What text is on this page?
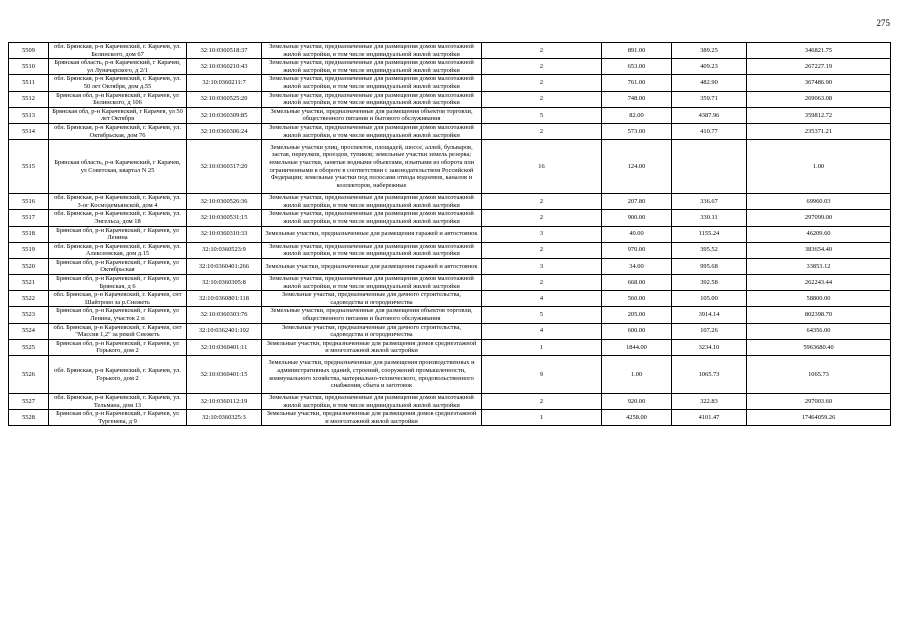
275
5509	обл. Брянская, р-н Карачевский, г. Карачев, ул. Белинского, дом 67	32:10:0360518:37	Земельные участки, предназначенные для размещения домов малоэтажной жилой застройки, в том числе индивидуальной жилой застройки	2	891.00	389.25	346821.75
5510	Брянская область, р-н Карачевский, г Карачев, ул Луначарского, д 2/1	32:10:0360210:43	Земельные участки, предназначенные для размещения домов малоэтажной жилой застройки, в том числе индивидуальной жилой застройки	2	653.00	409.23	267227.19
5511	обл. Брянская, р-н Карачевский, г. Карачев, ул. 50 лет Октября, дом д.55	32:10:0360211:7	Земельные участки, предназначенные для размещения домов малоэтажной жилой застройки, в том числе индивидуальной жилой застройки	2	761.00	482.90	367486.90
5512	Брянская обл, р-н Карачевский, г Карачев, ул Белинского, д 106	32:10:0360525:20	Земельные участки, предназначенные для размещения домов малоэтажной жилой застройки, в том числе индивидуальной жилой застройки	2	748.00	359.71	269063.08
5513	Брянская обл, р-н Карачевский, г Карачев, ул 50 лет Октября	32:10:0360309:85	Земельные участки, предназначенные для размещения объектов торговли, общественного питания и бытового обслуживания	5	82.00	4387.96	359812.72
5514	обл. Брянская, р-н Карачевский, г. Карачев, ул. Октябрьская, дом 76	32:10:0360306:24	Земельные участки, предназначенные для размещения домов малоэтажной жилой застройки, в том числе индивидуальной жилой застройки	2	573.00	410.77	235371.21
5515	Брянская область, р-н Карачевский, г Карачев, ул Советская, квартал N 25	32:10:0360317:20	Земельные участки улиц, проспектов, площадей, шоссе, аллей, бульваров, застав, переулков, проездов, тупиков; земельные участки земель резерва; земельные участки, занятые водными объектами, изъятыми из оборота или ограниченными в обороте в соответствии с законодательством Российской Федерации; земельные участки под полосами отвода водоемов, каналов и коллекторов, набережные	16	124.00		1.00
5516	обл. Брянская, р-н Карачевский, г. Карачев, ул. 3-ог Космодемьянской, дом 4	32:10:0360526:36	Земельные участки, предназначенные для размещения домов малоэтажной жилой застройки, в том числе индивидуальной жилой застройки	2	207.80	336.67	69960.03
5517	обл. Брянская, р-н Карачевский, г. Карачев, ул. Энгельса, дом 18	32:10:0360531:15	Земельные участки, предназначенные для размещения домов малоэтажной жилой застройки, в том числе индивидуальной жилой застройки	2	900.00	330.11	297099.00
5518	Брянская обл, р-н Карачевский, г Карачев, ул Ленина	32:10:0360310:33	Земельные участки, предназначенные для размещения гаражей и автостоянок	3	40.00	1155.24	46209.60
5519	обл. Брянская, р-н Карачевский, г. Карачев, ул. Алексеевская, дом д.15	32:10:0360523:9	Земельные участки, предназначенные для размещения домов малоэтажной жилой застройки, в том числе индивидуальной жилой застройки	2	970.00	395.52	383654.40
5520	Брянская обл, р-н Карачевский, г Карачев, ул Октябрьская	32:10:0360401:266	Земельные участки, предназначенные для размещения гаражей и автостоянок	3	34.00	995.68	33853.12
5521	Брянская обл, р-н Карачевский, г Карачев, ул Брянская, д 6	32:10:0360305:8	Земельные участки, предназначенные для размещения домов малоэтажной жилой застройки, в том числе индивидуальной жилой застройки	2	668.00	392.58	262243.44
5522	обл. Брянская, р-н Карачевский, г. Карачев, снт Шайтрово за р.Снежеть	32:10:0360801:118	Земельные участки, предназначенные для дачного строительства, садоводства и огородничества	4	560.00	105.00	58800.00
5523	Брянская обл, р-н Карачевский, г Карачев, ул Ленина, участок 2 п	32:10:0360303:76	Земельные участки, предназначенные для размещения объектов торговли, общественного питания и бытового обслуживания	5	205.00	3914.14	802398.70
5524	обл. Брянская, р-н Карачевский, г. Карачев, снт "Массив 1,2" за рекой Снежеть	32:10:0362401:192	Земельные участки, предназначенные для дачного строительства, садоводства и огородничества	4	600.00	107.26	64356.00
5525	Брянская обл, р-н Карачевский, г Карачев, ул Горького, дом 2	32:10:0360401:11	Земельные участки, предназначенные для размещения домов среднеэтажной и многоэтажной жилой застройки	1	1844.00	3234.10	5963680.40
5526	обл. Брянская, р-н Карачевский, г. Карачев, ул. Горького, дом 2	32:10:0360401:15	Земельные участки, предназначенные для размещения производственных и административных зданий, строений, сооружений промышленности, коммунального хозяйства, материально-технического, продовольственного снабжения, сбыта и заготовок	9	1.00	1065.73	1065.73
5527	обл. Брянская, р-н Карачевский, г. Карачев, ул. Тельмана, дом 13	32:10:0360112:19	Земельные участки, предназначенные для размещения домов малоэтажной жилой застройки, в том числе индивидуальной жилой застройки	2	920.00	322.83	297003.60
5528	Брянская обл, р-н Карачевский, г Карачев, ул Тургенева, д 9	32:10:0360325:3	Земельные участки, предназначенные для размещения домов среднеэтажной и многоэтажной жилой застройки	1	4258.00	4101.47	17464059.26
